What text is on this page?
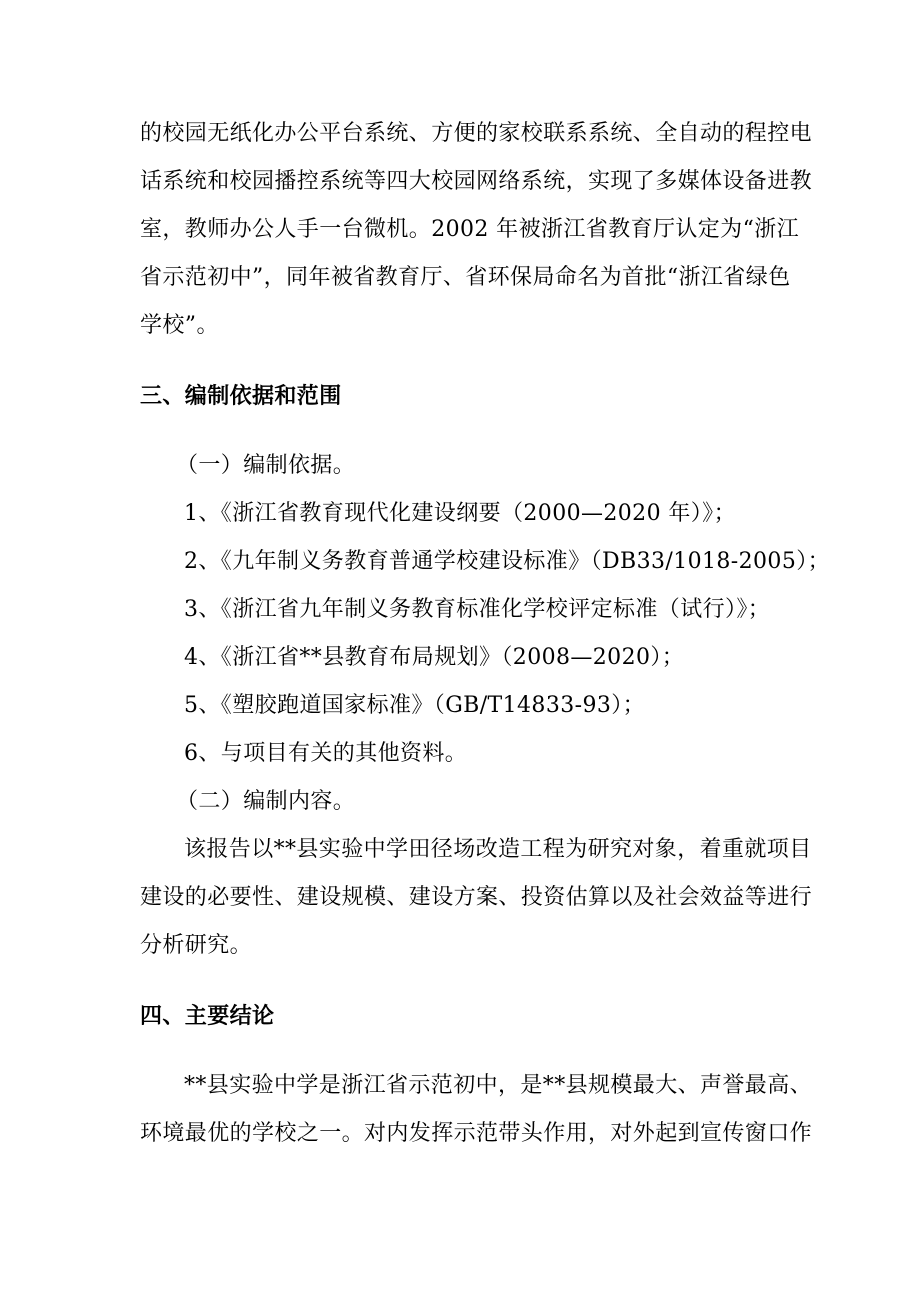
的校园无纸化办公平台系统、方便的家校联系系统、全自动的程控电
话系统和校园播控系统等四大校园网络系统，实现了多媒体设备进教
室，教师办公人手一台微机。2002 年被浙江省教育厅认定为“浙江
省示范初中”，同年被省教育厅、省环保局命名为首批“浙江省绿色
学校”。
三、编制依据和范围
（一）编制依据。
1、《浙江省教育现代化建设纲要（2000—2020 年）》；
2、《九年制义务教育普通学校建设标准》（DB33/1018-2005）；
3、《浙江省九年制义务教育标准化学校评定标准（试行）》；
4、《浙江省**县教育布局规划》（2008—2020）；
5、《塑胶跑道国家标准》（GB/T14833-93）；
6、与项目有关的其他资料。
（二）编制内容。
该报告以**县实验中学田径场改造工程为研究对象，着重就项目
建设的必要性、建设规模、建设方案、投资估算以及社会效益等进行
分析研究。
四、主要结论
**县实验中学是浙江省示范初中，是**县规模最大、声誉最高、
环境最优的学校之一。对内发挥示范带头作用，对外起到宣传窗口作
